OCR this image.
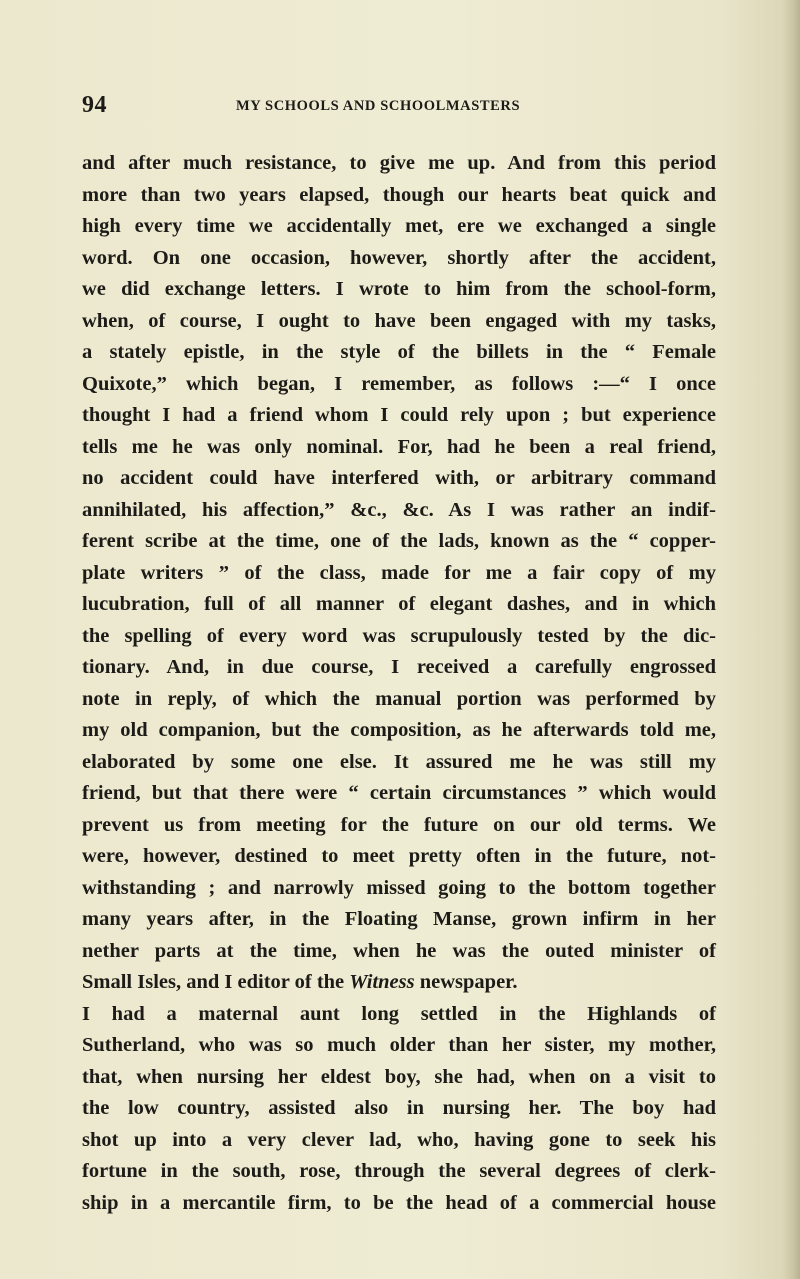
94	MY SCHOOLS AND SCHOOLMASTERS
and after much resistance, to give me up. And from this period
more than two years elapsed, though our hearts beat quick and
high every time we accidentally met, ere we exchanged a single
word. On one occasion, however, shortly after the accident,
we did exchange letters. I wrote to him from the school-form,
when, of course, I ought to have been engaged with my tasks,
a stately epistle, in the style of the billets in the “ Female
Quixote,” which began, I remember, as follows :—“ I once
thought I had a friend whom I could rely upon ; but experience
tells me he was only nominal. For, had he been a real friend,
no accident could have interfered with, or arbitrary command
annihilated, his affection,” &c., &c. As I was rather an indif-
ferent scribe at the time, one of the lads, known as the “ copper-
plate writers ” of the class, made for me a fair copy of my
lucubration, full of all manner of elegant dashes, and in which
the spelling of every word was scrupulously tested by the dic-
tionary. And, in due course, I received a carefully engrossed
note in reply, of which the manual portion was performed by
my old companion, but the composition, as he afterwards told me,
elaborated by some one else. It assured me he was still my
friend, but that there were “ certain circumstances ” which would
prevent us from meeting for the future on our old terms. We
were, however, destined to meet pretty often in the future, not-
withstanding ; and narrowly missed going to the bottom together
many years after, in the Floating Manse, grown infirm in her
nether parts at the time, when he was the outed minister of
Small Isles, and I editor of the Witness newspaper.
I had a maternal aunt long settled in the Highlands of
Sutherland, who was so much older than her sister, my mother,
that, when nursing her eldest boy, she had, when on a visit to
the low country, assisted also in nursing her. The boy had
shot up into a very clever lad, who, having gone to seek his
fortune in the south, rose, through the several degrees of clerk-
ship in a mercantile firm, to be the head of a commercial house
